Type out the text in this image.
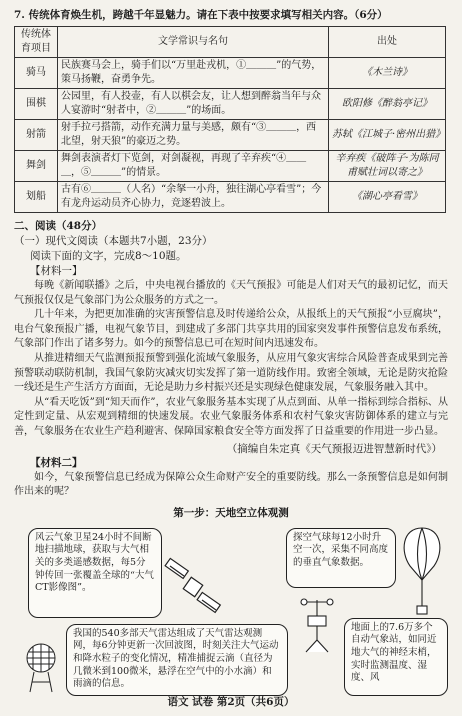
7. 传统体育焕生机，跨越千年显魅力。请在下表中按要求填写相关内容。（6分）
传统体育项目	文学常识与名句	出处
骑马	民族赛马会上，骑手们以“万里赴戎机，①＿＿＿”的气势，策马扬鞭，奋勇争先。	《木兰诗》
围棋	公园里，有人投壶，有人以棋会友，让人想到醉翁当年与众人宴游时“射者中，②＿＿＿”的场面。	欧阳修《醉翁亭记》
射箭	射手拉弓搭箭，动作充满力量与美感，颇有“③＿＿＿，西北望，射天狼”的豪迈之势。	苏轼《江城子·密州出猎》
舞剑	舞剑表演者灯下览剑，对剑凝视，再现了辛弃疾“④＿＿＿，⑤＿＿＿”的情景。	辛弃疾《破阵子·为陈同甫赋壮词以寄之》
划船	古有⑥＿＿＿（人名）“余拏一小舟，独往湖心亭看雪”；今有龙舟运动员齐心协力，竞逐碧波上。	《湖心亭看雪》
二、阅读（48分）
（一）现代文阅读（本题共7小题，23分）
阅读下面的文字，完成8～10题。
【材料一】

每晚《新闻联播》之后，中央电视台播放的《天气预报》可能是人们对天气的最初记忆，而天气预报仅仅是气象部门为公众服务的方式之一。

几十年来，为把更加准确的灾害预警信息及时传递给公众，从报纸上的天气预报“小豆腐块”，电台气象预报广播，电视气象节目，到建成了多部门共享共用的国家突发事件预警信息发布系统，气象部门作出了诸多努力。如今的预警信息已可在短时间内迅速发布。

从推进精细天气监测预报预警到强化流域气象服务，从应用气象灾害综合风险普查成果到完善预警联动联防机制，我国气象防灾减灾切实发挥了第一道防线作用。致密全领域，无论是防灾抢险一线还是生产生活方方面面，无论是助力乡村振兴还是实现绿色健康发展，气象服务融入其中。

从“看天吃饭”到“知天而作”，农业气象服务基本实现了从点到面、从单一指标到综合指标、从定性到定量、从宏观到精细的快速发展。农业气象服务体系和农村气象灾害防御体系的建立与完善，气象服务在农业生产趋利避害、保障国家粮食安全等方面发挥了日益重要的作用进一步凸显。

（摘编自朱定真《天气预报迈进智慧新时代》）
【材料二】

如今，气象预警信息已经成为保障公众生命财产安全的重要防线。那么一条预警信息是如何制作出来的呢？

第一步：天地空立体观测
风云气象卫星24小时不间断地扫描地球，获取与大气相关的多类遥感数据，每5分钟传回一张覆盖全球的“大气CT影像图”。
探空气球每12小时升空一次，采集不同高度的垂直气象数据。
我国的540多部天气雷达组成了天气雷达观测网，每6分钟更新一次回波图，时刻关注大气运动和降水粒子的变化情况，精准捕捉云滴（直径为几微米到100微米，悬浮在空气中的小水滴）和雨滴的信息。
地面上的7.6万多个自动气象站，如同近地大气的神经末梢，实时监测温度、湿度、风
语文 试卷 第2页（共6页）
